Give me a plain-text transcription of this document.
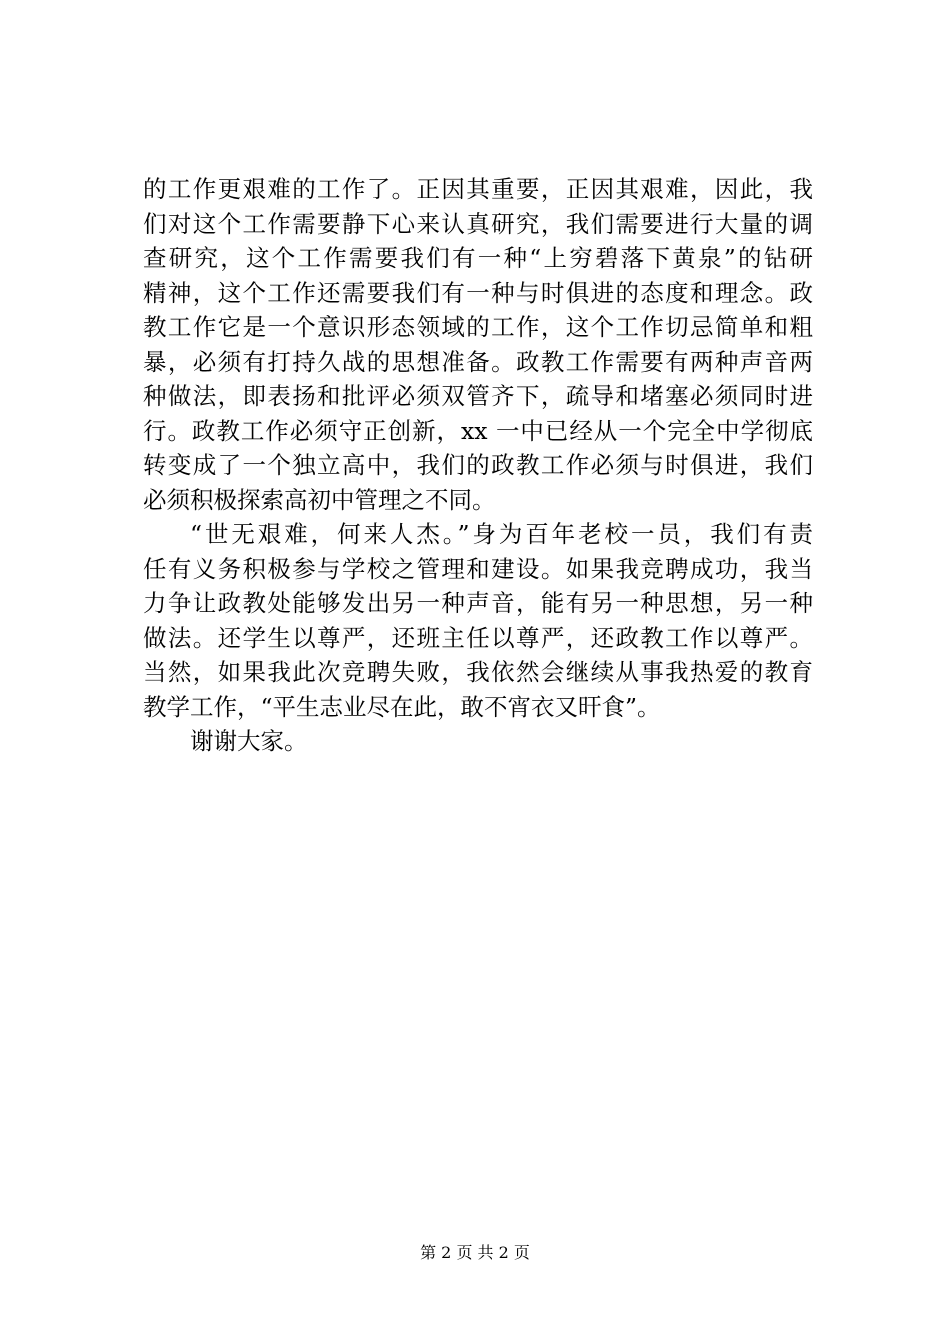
的工作更艰难的工作了。正因其重要，正因其艰难，因此，我
们对这个工作需要静下心来认真研究，我们需要进行大量的调
查研究，这个工作需要我们有一种“上穷碧落下黄泉”的钻研
精神，这个工作还需要我们有一种与时俱进的态度和理念。政
教工作它是一个意识形态领域的工作，这个工作切忌简单和粗
暴，必须有打持久战的思想准备。政教工作需要有两种声音两
种做法，即表扬和批评必须双管齐下，疏导和堵塞必须同时进
行。政教工作必须守正创新，xx 一中已经从一个完全中学彻底
转变成了一个独立高中，我们的政教工作必须与时俱进，我们
必须积极探索高初中管理之不同。
“世无艰难，何来人杰。”身为百年老校一员，我们有责
任有义务积极参与学校之管理和建设。如果我竞聘成功，我当
力争让政教处能够发出另一种声音，能有另一种思想，另一种
做法。还学生以尊严，还班主任以尊严，还政教工作以尊严。
当然，如果我此次竞聘失败，我依然会继续从事我热爱的教育
教学工作，“平生志业尽在此，敢不宵衣又旰食”。
谢谢大家。
第 2 页 共 2 页
